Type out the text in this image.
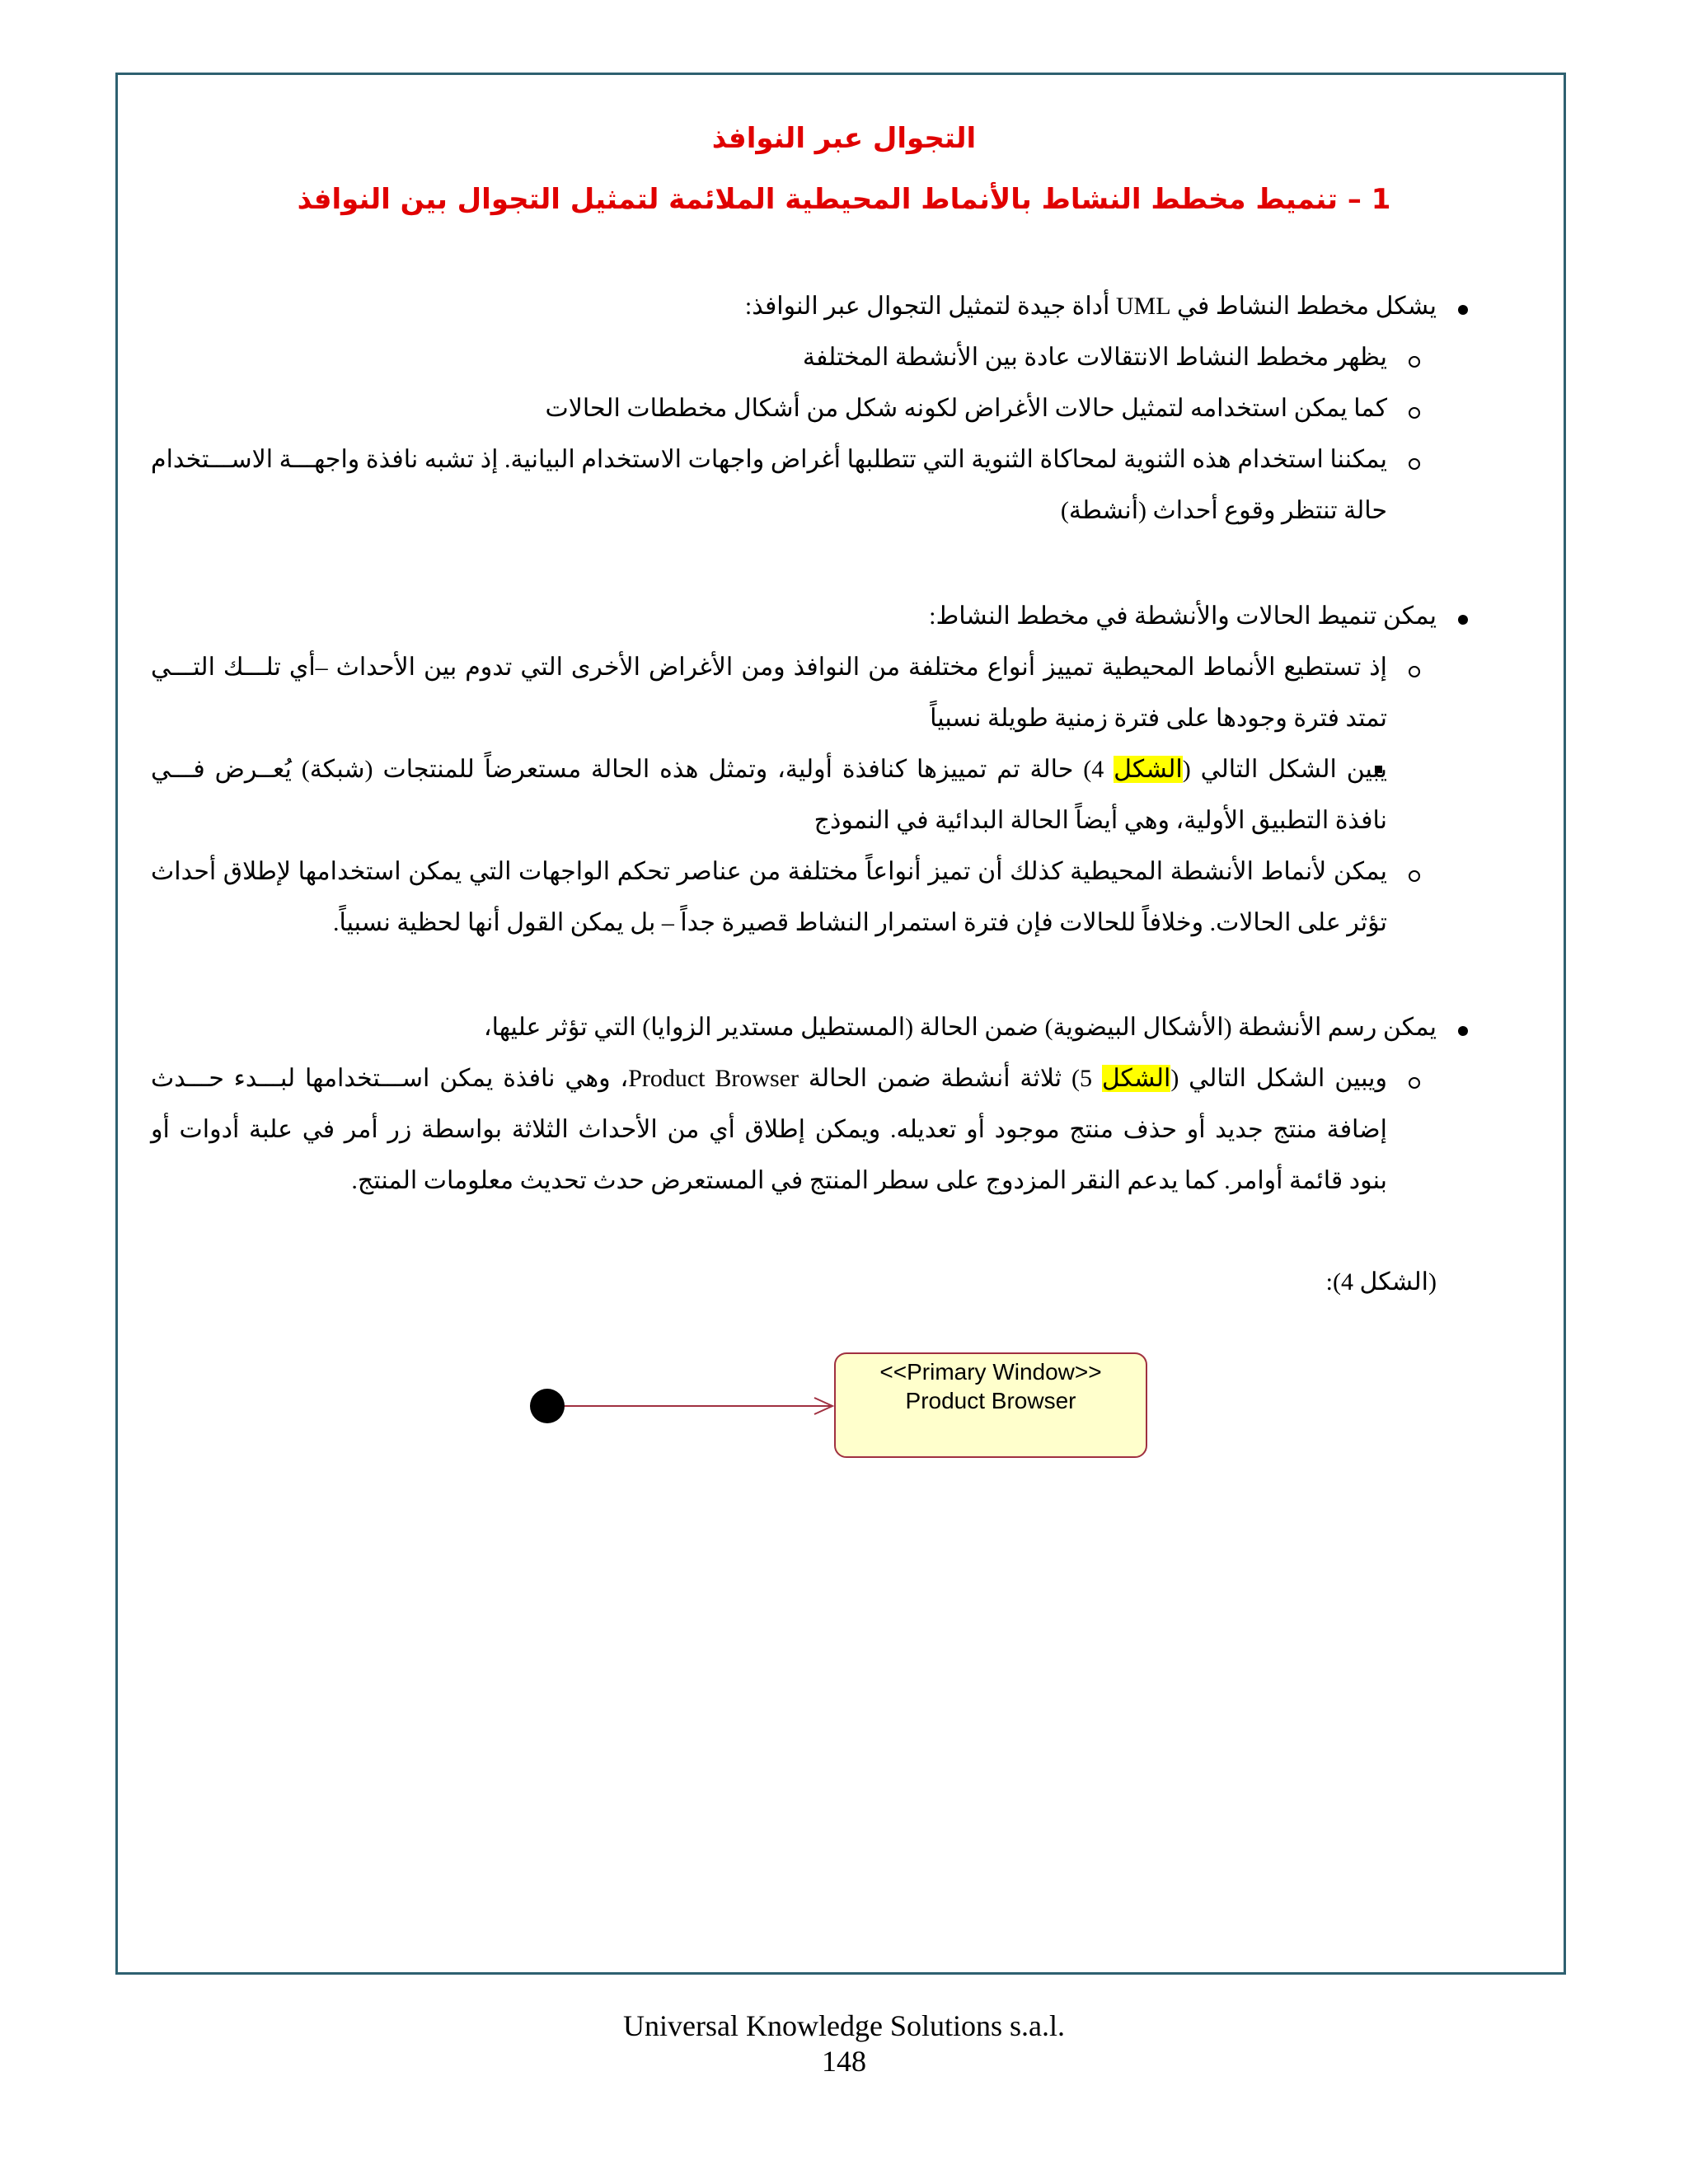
التجوال عبر النوافذ
1 – تنميط مخطط النشاط بالأنماط المحيطية الملائمة لتمثيل التجوال بين النوافذ
يشكل مخطط النشاط في UML أداة جيدة لتمثيل التجوال عبر النوافذ:
يظهر مخطط النشاط الانتقالات عادة بين الأنشطة المختلفة
كما يمكن استخدامه لتمثيل حالات الأغراض لكونه شكل من أشكال مخططات الحالات
يمكننا استخدام هذه الثنوية لمحاكاة الثنوية التي تتطلبها أغراض واجهات الاستخدام البيانية. إذ تشبه نافذة واجهـــة الاســـتخدام
حالة تنتظر وقوع أحداث (أنشطة)
يمكن تنميط الحالات والأنشطة في مخطط النشاط:
إذ تستطيع الأنماط المحيطية تمييز أنواع مختلفة من النوافذ ومن الأغراض الأخرى التي تدوم بين الأحداث –أي تلـــك التـــي
تمتد فترة وجودها على فترة زمنية طويلة نسبياً
يبين الشكل التالي (الشكل 4) حالة تم تمييزها كنافذة أولية، وتمثل هذه الحالة مستعرضاً للمنتجات (شبكة) يُعــرض فـــي
نافذة التطبيق الأولية، وهي أيضاً الحالة البدائية في النموذج
يمكن لأنماط الأنشطة المحيطية كذلك أن تميز أنواعاً مختلفة من عناصر تحكم الواجهات التي يمكن استخدامها لإطلاق أحداث
تؤثر على الحالات. وخلافاً للحالات فإن فترة استمرار النشاط قصيرة جداً – بل يمكن القول أنها لحظية نسبياً.
يمكن رسم الأنشطة (الأشكال البيضوية) ضمن الحالة (المستطيل مستدير الزوايا) التي تؤثر عليها،
ويبين الشكل التالي (الشكل 5) ثلاثة أنشطة ضمن الحالة Product Browser، وهي نافذة يمكن اســـتخدامها لبـــدء حـــدث
إضافة منتج جديد أو حذف منتج موجود أو تعديله. ويمكن إطلاق أي من الأحداث الثلاثة بواسطة زر أمر في علبة أدوات أو
بنود قائمة أوامر. كما يدعم النقر المزدوج على سطر المنتج في المستعرض حدث تحديث معلومات المنتج.
(الشكل 4):
<<Primary Window>>
Product Browser
Universal Knowledge Solutions s.a.l.
148
